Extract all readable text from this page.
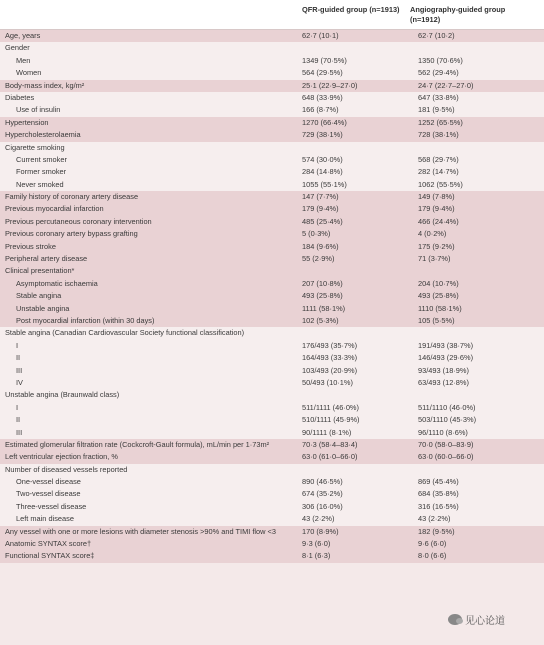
QFR-guided group (n=1913) Angiography-guided group (n=1912)
Age, years	62·7 (10·1)	62·7 (10·2)
Gender
Men	1349 (70·5%)	1350 (70·6%)
Women	564 (29·5%)	562 (29·4%)
Body-mass index, kg/m²	25·1 (22·9–27·0)	24·7 (22·7–27·0)
Diabetes	648 (33·9%)	647 (33·8%)
Use of insulin	166 (8·7%)	181 (9·5%)
Hypertension	1270 (66·4%)	1252 (65·5%)
Hypercholesterolaemia	729 (38·1%)	728 (38·1%)
Cigarette smoking
Current smoker	574 (30·0%)	568 (29·7%)
Former smoker	284 (14·8%)	282 (14·7%)
Never smoked	1055 (55·1%)	1062 (55·5%)
Family history of coronary artery disease	147 (7·7%)	149 (7·8%)
Previous myocardial infarction	179 (9·4%)	179 (9·4%)
Previous percutaneous coronary intervention	485 (25·4%)	466 (24·4%)
Previous coronary artery bypass grafting	5 (0·3%)	4 (0·2%)
Previous stroke	184 (9·6%)	175 (9·2%)
Peripheral artery disease	55 (2·9%)	71 (3·7%)
Clinical presentation*
Asymptomatic ischaemia	207 (10·8%)	204 (10·7%)
Stable angina	493 (25·8%)	493 (25·8%)
Unstable angina	1111 (58·1%)	1110 (58·1%)
Post myocardial infarction (within 30 days)	102 (5·3%)	105 (5·5%)
Stable angina (Canadian Cardiovascular Society functional classification)
I	176/493 (35·7%)	191/493 (38·7%)
II	164/493 (33·3%)	146/493 (29·6%)
III	103/493 (20·9%)	93/493 (18·9%)
IV	50/493 (10·1%)	63/493 (12·8%)
Unstable angina (Braunwald class)
I	511/1111 (46·0%)	511/1110 (46·0%)
II	510/1111 (45·9%)	503/1110 (45·3%)
III	90/1111 (8·1%)	96/1110 (8·6%)
Estimated glomerular filtration rate (Cockcroft-Gault formula), mL/min per 1·73m²	70·3 (58·4–83·4)	70·0 (58·0–83·9)
Left ventricular ejection fraction, %	63·0 (61·0–66·0)	63·0 (60·0–66·0)
Number of diseased vessels reported
One-vessel disease	890 (46·5%)	869 (45·4%)
Two-vessel disease	674 (35·2%)	684 (35·8%)
Three-vessel disease	306 (16·0%)	316 (16·5%)
Left main disease	43 (2·2%)	43 (2·2%)
Any vessel with one or more lesions with diameter stenosis >90% and TIMI flow <3	170 (8·9%)	182 (9·5%)
Anatomic SYNTAX score†	9·3 (6·0)	9·6 (6·0)
Functional SYNTAX score‡	8·1 (6·3)	8·0 (6·6)
见心论道
